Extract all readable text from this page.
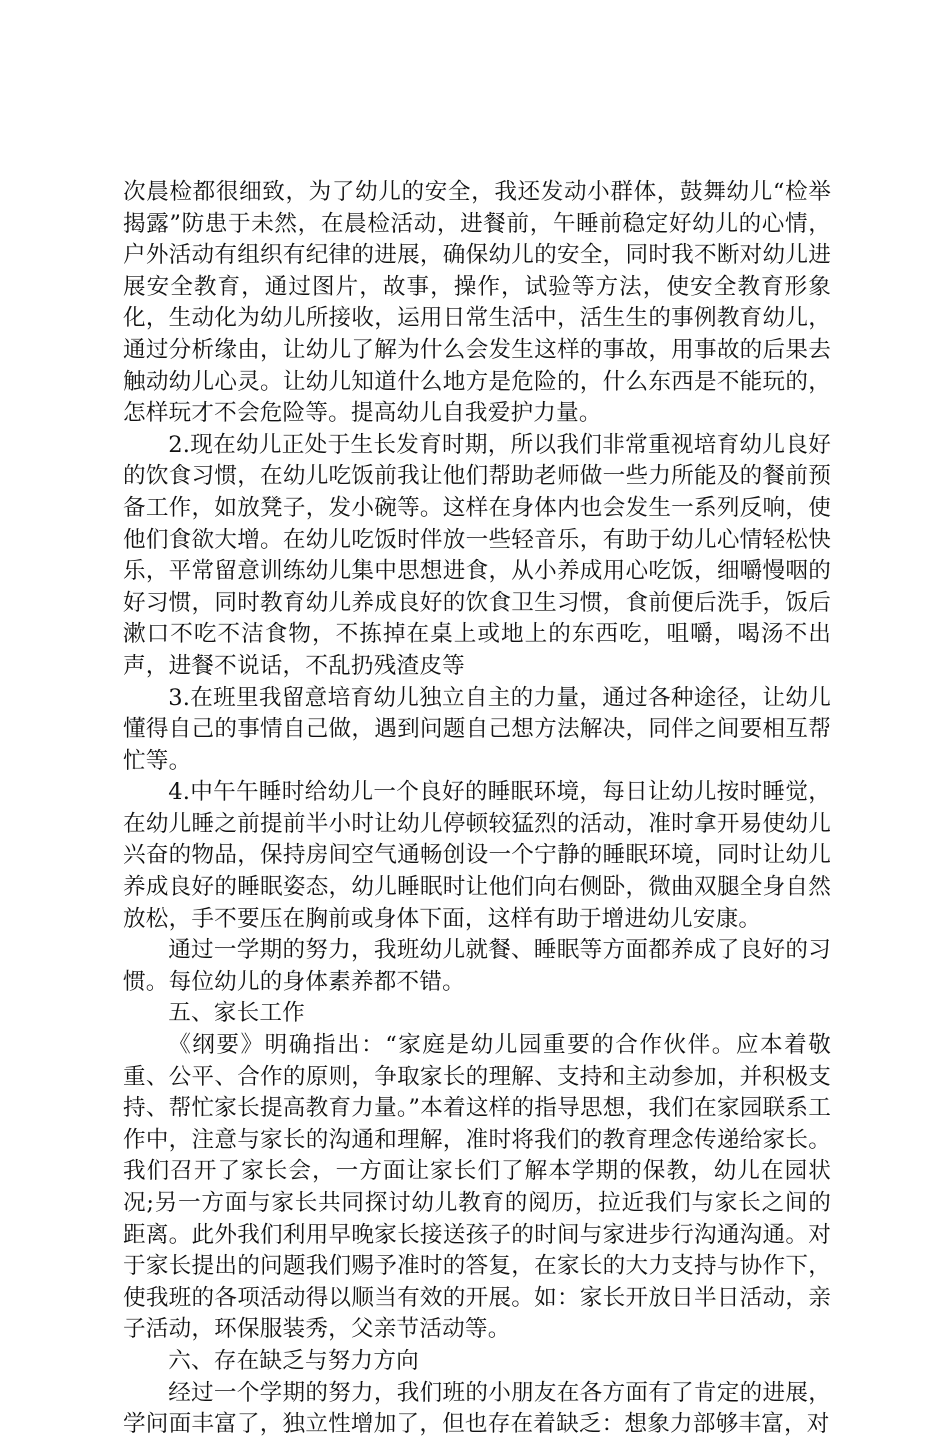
次晨检都很细致，为了幼儿的安全，我还发动小群体，鼓舞幼儿“检举揭露”防患于未然，在晨检活动，进餐前，午睡前稳定好幼儿的心情，户外活动有组织有纪律的进展，确保幼儿的安全，同时我不断对幼儿进展安全教育，通过图片，故事，操作，试验等方法，使安全教育形象化，生动化为幼儿所接收，运用日常生活中，活生生的事例教育幼儿，通过分析缘由，让幼儿了解为什么会发生这样的事故，用事故的后果去触动幼儿心灵。让幼儿知道什么地方是危险的，什么东西是不能玩的，怎样玩才不会危险等。提高幼儿自我爱护力量。

2.现在幼儿正处于生长发育时期，所以我们非常重视培育幼儿良好的饮食习惯，在幼儿吃饭前我让他们帮助老师做一些力所能及的餐前预备工作，如放凳子，发小碗等。这样在身体内也会发生一系列反响，使他们食欲大增。在幼儿吃饭时伴放一些轻音乐，有助于幼儿心情轻松快乐，平常留意训练幼儿集中思想进食，从小养成用心吃饭，细嚼慢咽的好习惯，同时教育幼儿养成良好的饮食卫生习惯，食前便后洗手，饭后漱口不吃不洁食物，不拣掉在桌上或地上的东西吃，咀嚼，喝汤不出声，进餐不说话，不乱扔残渣皮等

3.在班里我留意培育幼儿独立自主的力量，通过各种途径，让幼儿懂得自己的事情自己做，遇到问题自己想方法解决，同伴之间要相互帮忙等。

4.中午午睡时给幼儿一个良好的睡眠环境，每日让幼儿按时睡觉，在幼儿睡之前提前半小时让幼儿停顿较猛烈的活动，准时拿开易使幼儿兴奋的物品，保持房间空气通畅创设一个宁静的睡眠环境，同时让幼儿养成良好的睡眠姿态，幼儿睡眠时让他们向右侧卧，微曲双腿全身自然放松，手不要压在胸前或身体下面，这样有助于增进幼儿安康。

通过一学期的努力，我班幼儿就餐、睡眠等方面都养成了良好的习惯。每位幼儿的身体素养都不错。

五、家长工作

《纲要》明确指出：“家庭是幼儿园重要的合作伙伴。应本着敬重、公平、合作的原则，争取家长的理解、支持和主动参加，并积极支持、帮忙家长提高教育力量。”本着这样的指导思想，我们在家园联系工作中，注意与家长的沟通和理解，准时将我们的教育理念传递给家长。我们召开了家长会，一方面让家长们了解本学期的保教，幼儿在园状况;另一方面与家长共同探讨幼儿教育的阅历，拉近我们与家长之间的距离。此外我们利用早晚家长接送孩子的时间与家进步行沟通沟通。对于家长提出的问题我们赐予准时的答复，在家长的大力支持与协作下，使我班的各项活动得以顺当有效的开展。如：家长开放日半日活动，亲子活动，环保服装秀，父亲节活动等。

六、存在缺乏与努力方向

经过一个学期的努力，我们班的小朋友在各方面有了肯定的进展，学问面丰富了，独立性增加了，但也存在着缺乏：想象力部够丰富，对
